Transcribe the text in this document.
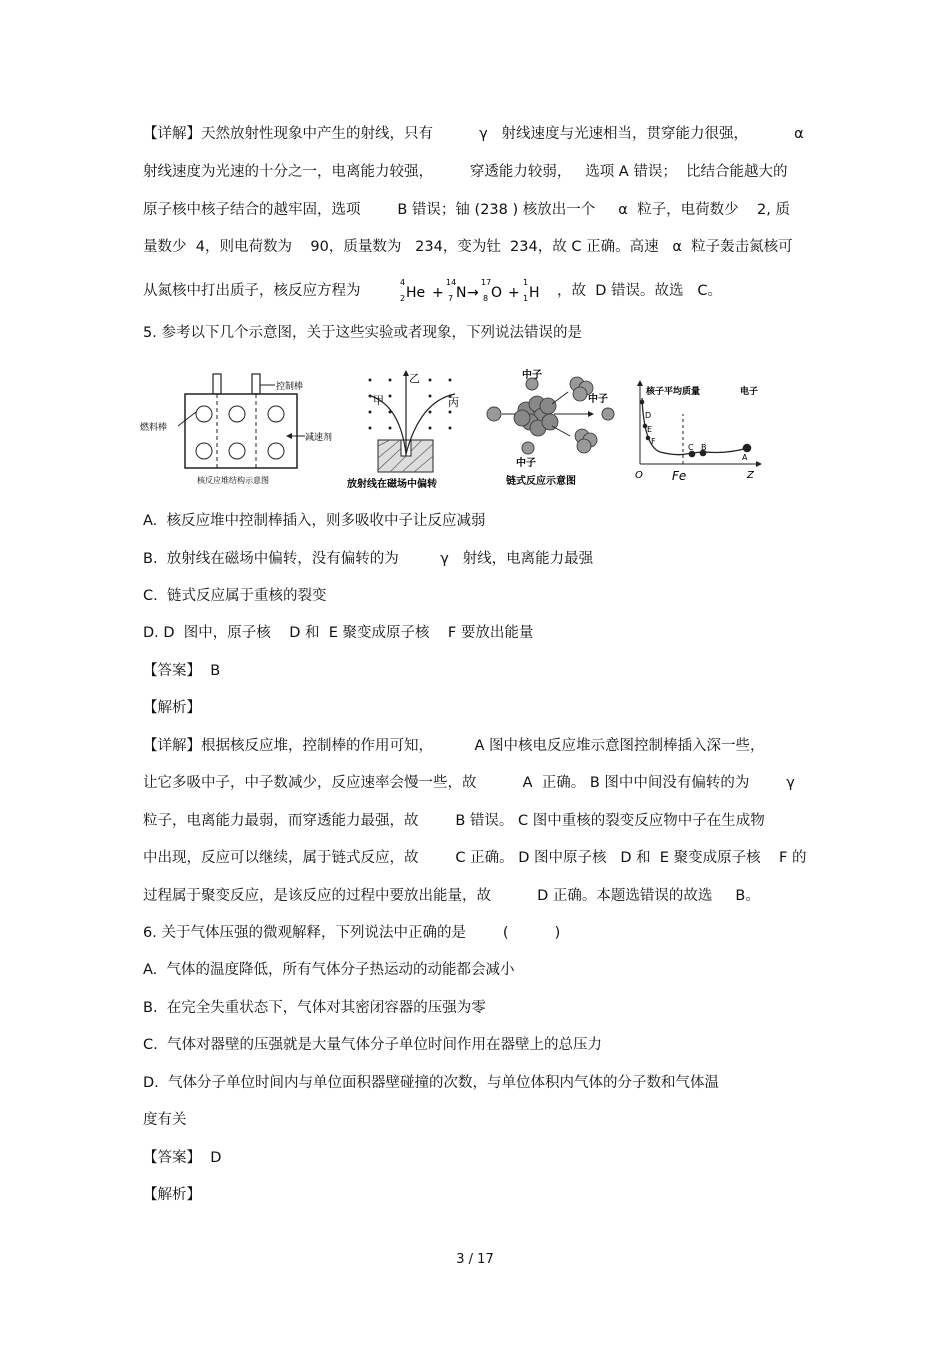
【详解】天然放射性现象中产生的射线，只有          γ   射线速度与光速相当，贯穿能力很强，          α
射线速度为光速的十分之一，电离能力较强，        穿透能力较弱，   选项 A 错误；  比结合能越大的
原子核中核子结合的越牢固，选项        B 错误；铀 (238 ) 核放出一个     α  粒子，电荷数少    2, 质
量数少  4，则电荷数为    90，质量数为   234，变为钍  234，故 C 正确。高速   α  粒子轰击氮核可
从氮核中打出质子，核反应方程为
4
2 He +
14
7 N →
17
8 O +
1
1 H ，故  D 错误。故选   C。
5. 参考以下几个示意图，关于这些实验或者现象，下列说法错误的是
控制棒
燃料棒
减速剂
核反应堆结构示意图
乙
甲	丙
放射线在磁场中偏转
中子
中子
中子
链式反应示意图
核子平均质量	电子
D
E
F
C B
A
O Fe	Z
A.  核反应堆中控制棒插入，则多吸收中子让反应减弱
B.  放射线在磁场中偏转，没有偏转的为         γ   射线，电离能力最强
C.  链式反应属于重核的裂变
D. D  图中，原子核    D 和  E 聚变成原子核    F 要放出能量
【答案】  B
【解析】
【详解】根据核反应堆，控制棒的作用可知，         A 图中核电反应堆示意图控制棒插入深一些，
让它多吸中子，中子数减少，反应速率会慢一些，故          A  正确。 B 图中中间没有偏转的为        γ
粒子，电离能力最弱，而穿透能力最强，故        B 错误。 C 图中重核的裂变反应物中子在生成物
中出现，反应可以继续，属于链式反应，故        C 正确。 D 图中原子核   D 和  E 聚变成原子核    F 的
过程属于聚变反应，是该反应的过程中要放出能量，故          D 正确。本题选错误的故选     B。
6. 关于气体压强的微观解释，下列说法中正确的是        (          )
A.  气体的温度降低，所有气体分子热运动的动能都会减小
B.  在完全失重状态下，气体对其密闭容器的压强为零
C.  气体对器壁的压强就是大量气体分子单位时间作用在器壁上的总压力
D.  气体分子单位时间内与单位面积器壁碰撞的次数，与单位体积内气体的分子数和气体温
度有关
【答案】  D
【解析】
3 / 17
